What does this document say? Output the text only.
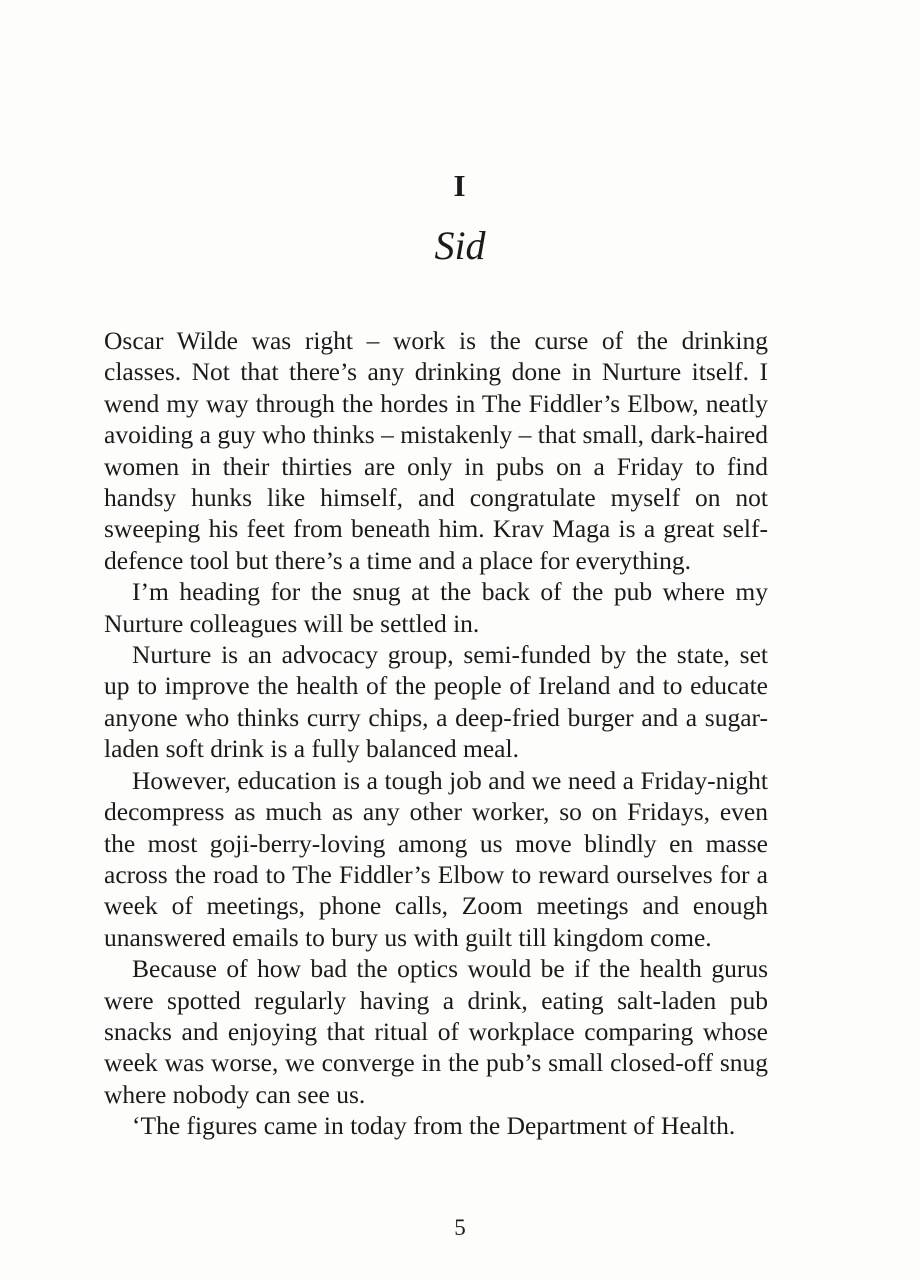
I
Sid

Oscar Wilde was right – work is the curse of the drinking classes. Not that there’s any drinking done in Nurture itself. I wend my way through the hordes in The Fiddler’s Elbow, neatly avoiding a guy who thinks – mistakenly – that small, dark-haired women in their thirties are only in pubs on a Friday to find handsy hunks like himself, and congratulate myself on not sweeping his feet from beneath him. Krav Maga is a great self-defence tool but there’s a time and a place for everything.

I’m heading for the snug at the back of the pub where my Nurture colleagues will be settled in.

Nurture is an advocacy group, semi-funded by the state, set up to improve the health of the people of Ireland and to educate anyone who thinks curry chips, a deep-fried burger and a sugar-laden soft drink is a fully balanced meal.

However, education is a tough job and we need a Friday-night decompress as much as any other worker, so on Fridays, even the most goji-berry-loving among us move blindly en masse across the road to The Fiddler’s Elbow to reward ourselves for a week of meetings, phone calls, Zoom meetings and enough unanswered emails to bury us with guilt till kingdom come.

Because of how bad the optics would be if the health gurus were spotted regularly having a drink, eating salt-laden pub snacks and enjoying that ritual of workplace comparing whose week was worse, we converge in the pub’s small closed-off snug where nobody can see us.

‘The figures came in today from the Department of Health.

5
